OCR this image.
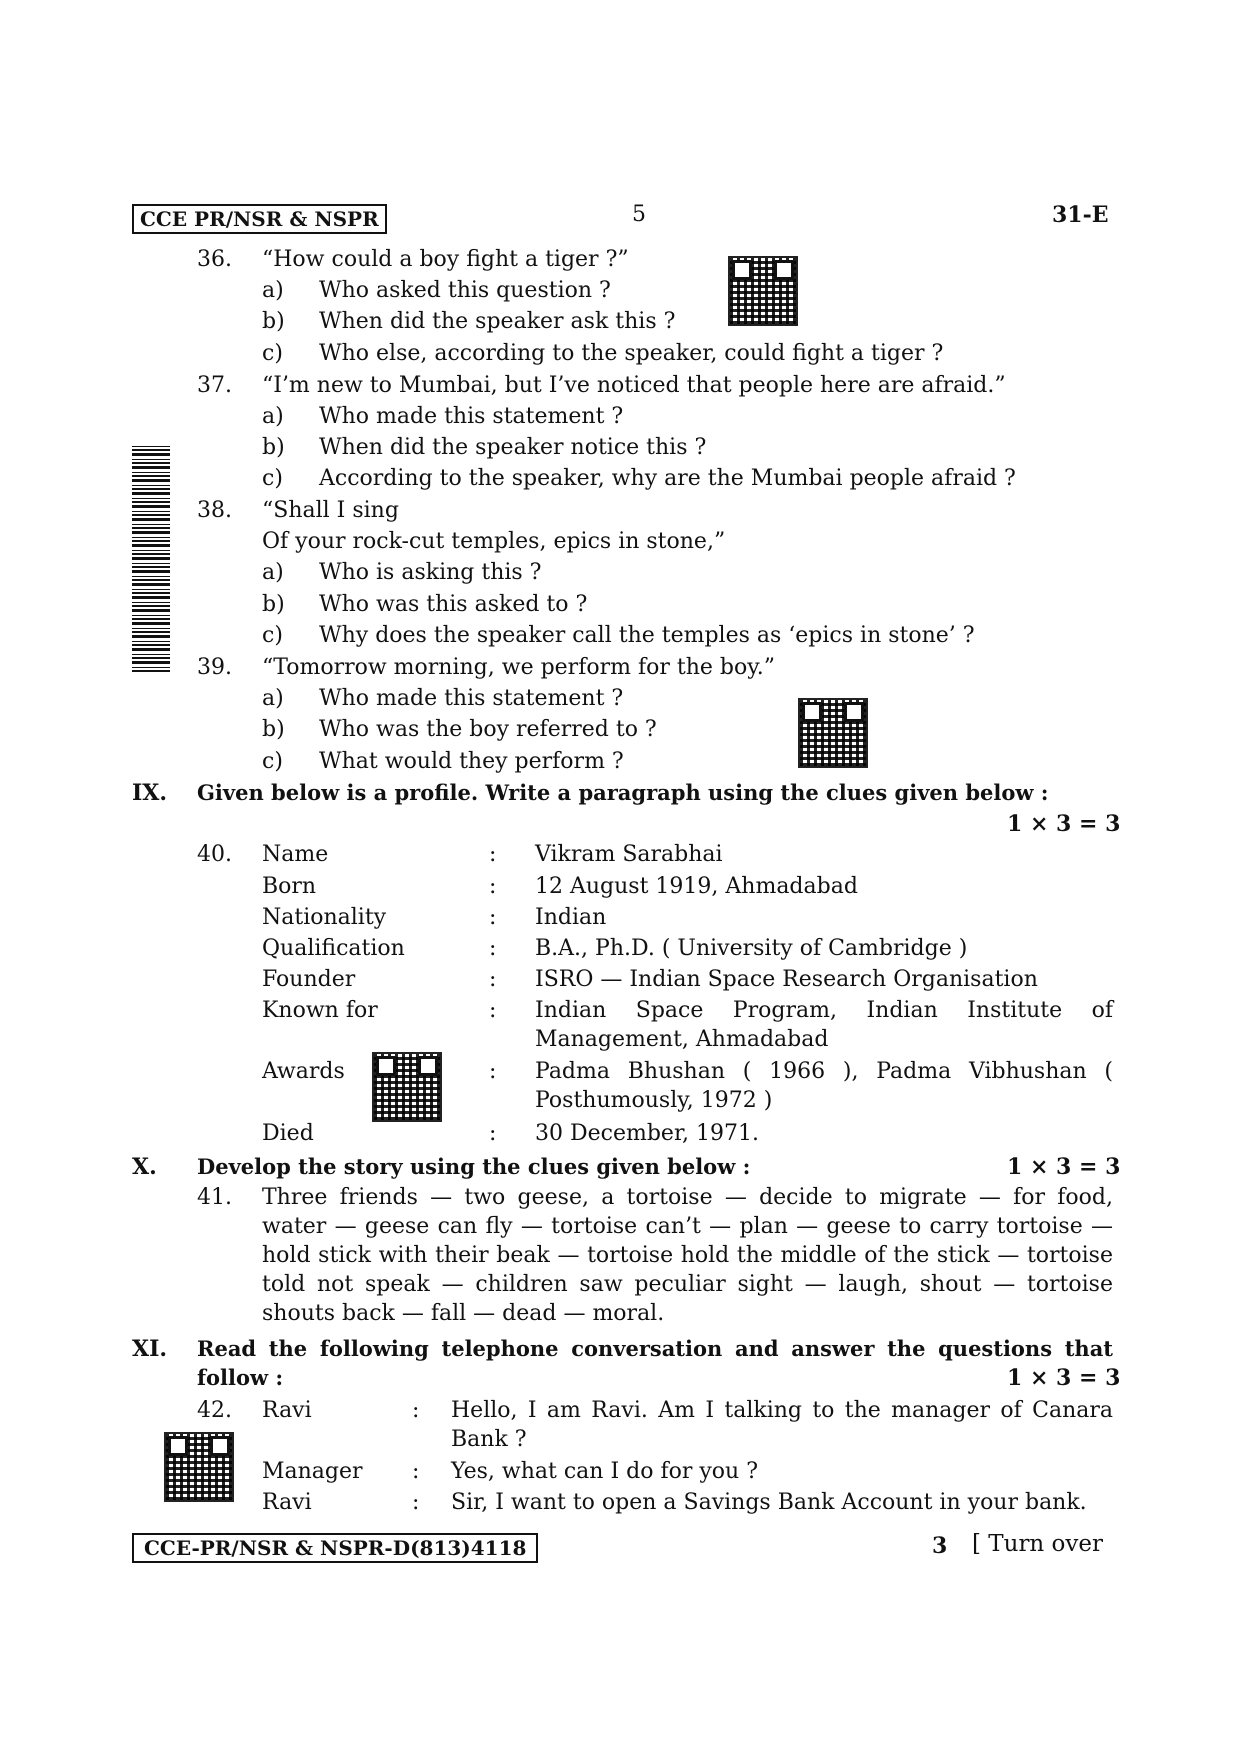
CCE PR/NSR & NSPR	5	31-E
36. “How could a boy fight a tiger ?”
a) Who asked this question ?
b) When did the speaker ask this ?
c) Who else, according to the speaker, could fight a tiger ?
37. “I’m new to Mumbai, but I’ve noticed that people here are afraid.”
a) Who made this statement ?
b) When did the speaker notice this ?
c) According to the speaker, why are the Mumbai people afraid ?
38. “Shall I sing
Of your rock-cut temples, epics in stone,”
a) Who is asking this ?
b) Who was this asked to ?
c) Why does the speaker call the temples as ‘epics in stone’ ?
39. “Tomorrow morning, we perform for the boy.”
a) Who made this statement ?
b) Who was the boy referred to ?
c) What would they perform ?
IX. Given below is a profile. Write a paragraph using the clues given below :
1 × 3 = 3
40. Name	: Vikram Sarabhai
Born	: 12 August 1919, Ahmadabad
Nationality	: Indian
Qualification	: B.A., Ph.D. ( University of Cambridge )
Founder	: ISRO — Indian Space Research Organisation
Known for	: Indian Space Program, Indian Institute of Management, Ahmadabad
Awards	: Padma Bhushan ( 1966 ), Padma Vibhushan ( Posthumously, 1972 )
Died	: 30 December, 1971.
X. Develop the story using the clues given below :	1 × 3 = 3
41. Three friends — two geese, a tortoise — decide to migrate — for food, water — geese can fly — tortoise can’t — plan — geese to carry tortoise — hold stick with their beak — tortoise hold the middle of the stick — tortoise told not speak — children saw peculiar sight — laugh, shout — tortoise shouts back — fall — dead — moral.
XI. Read the following telephone conversation and answer the questions that follow :	1 × 3 = 3
42. Ravi	: Hello, I am Ravi. Am I talking to the manager of Canara Bank ?
Manager : Yes, what can I do for you ?
Ravi	: Sir, I want to open a Savings Bank Account in your bank.
CCE-PR/NSR & NSPR-D(813)4118	3 [ Turn over
